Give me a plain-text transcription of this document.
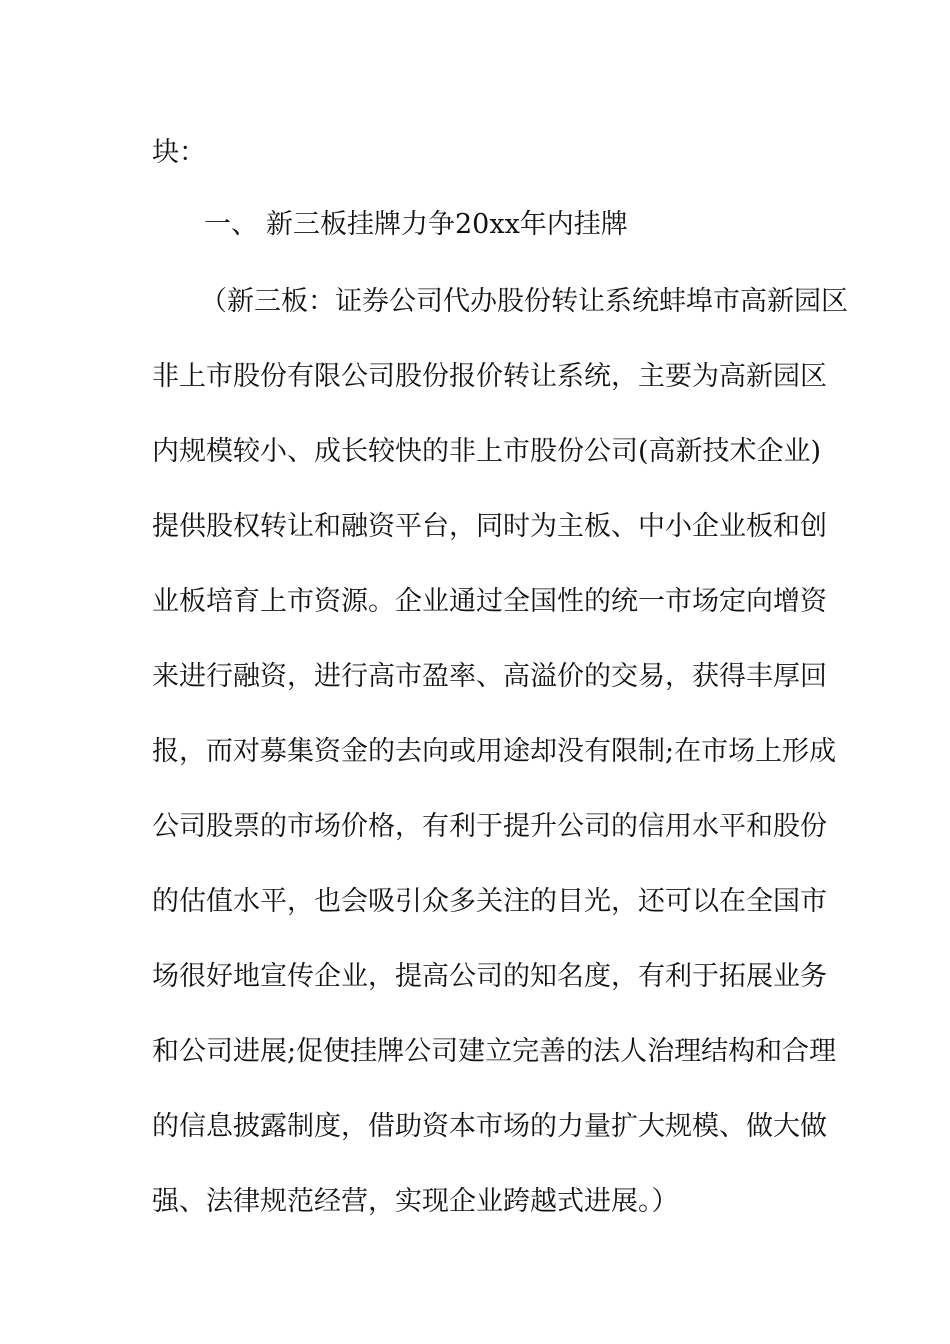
块：
一、 新三板挂牌力争20xx年内挂牌
（新三板：证券公司代办股份转让系统蚌埠市高新园区
非上市股份有限公司股份报价转让系统，主要为高新园区
内规模较小、成长较快的非上市股份公司(高新技术企业)
提供股权转让和融资平台，同时为主板、中小企业板和创
业板培育上市资源。企业通过全国性的统一市场定向增资
来进行融资，进行高市盈率、高溢价的交易，获得丰厚回
报，而对募集资金的去向或用途却没有限制;在市场上形成
公司股票的市场价格，有利于提升公司的信用水平和股份
的估值水平，也会吸引众多关注的目光，还可以在全国市
场很好地宣传企业，提高公司的知名度，有利于拓展业务
和公司进展;促使挂牌公司建立完善的法人治理结构和合理
的信息披露制度，借助资本市场的力量扩大规模、做大做
强、法律规范经营，实现企业跨越式进展。）
